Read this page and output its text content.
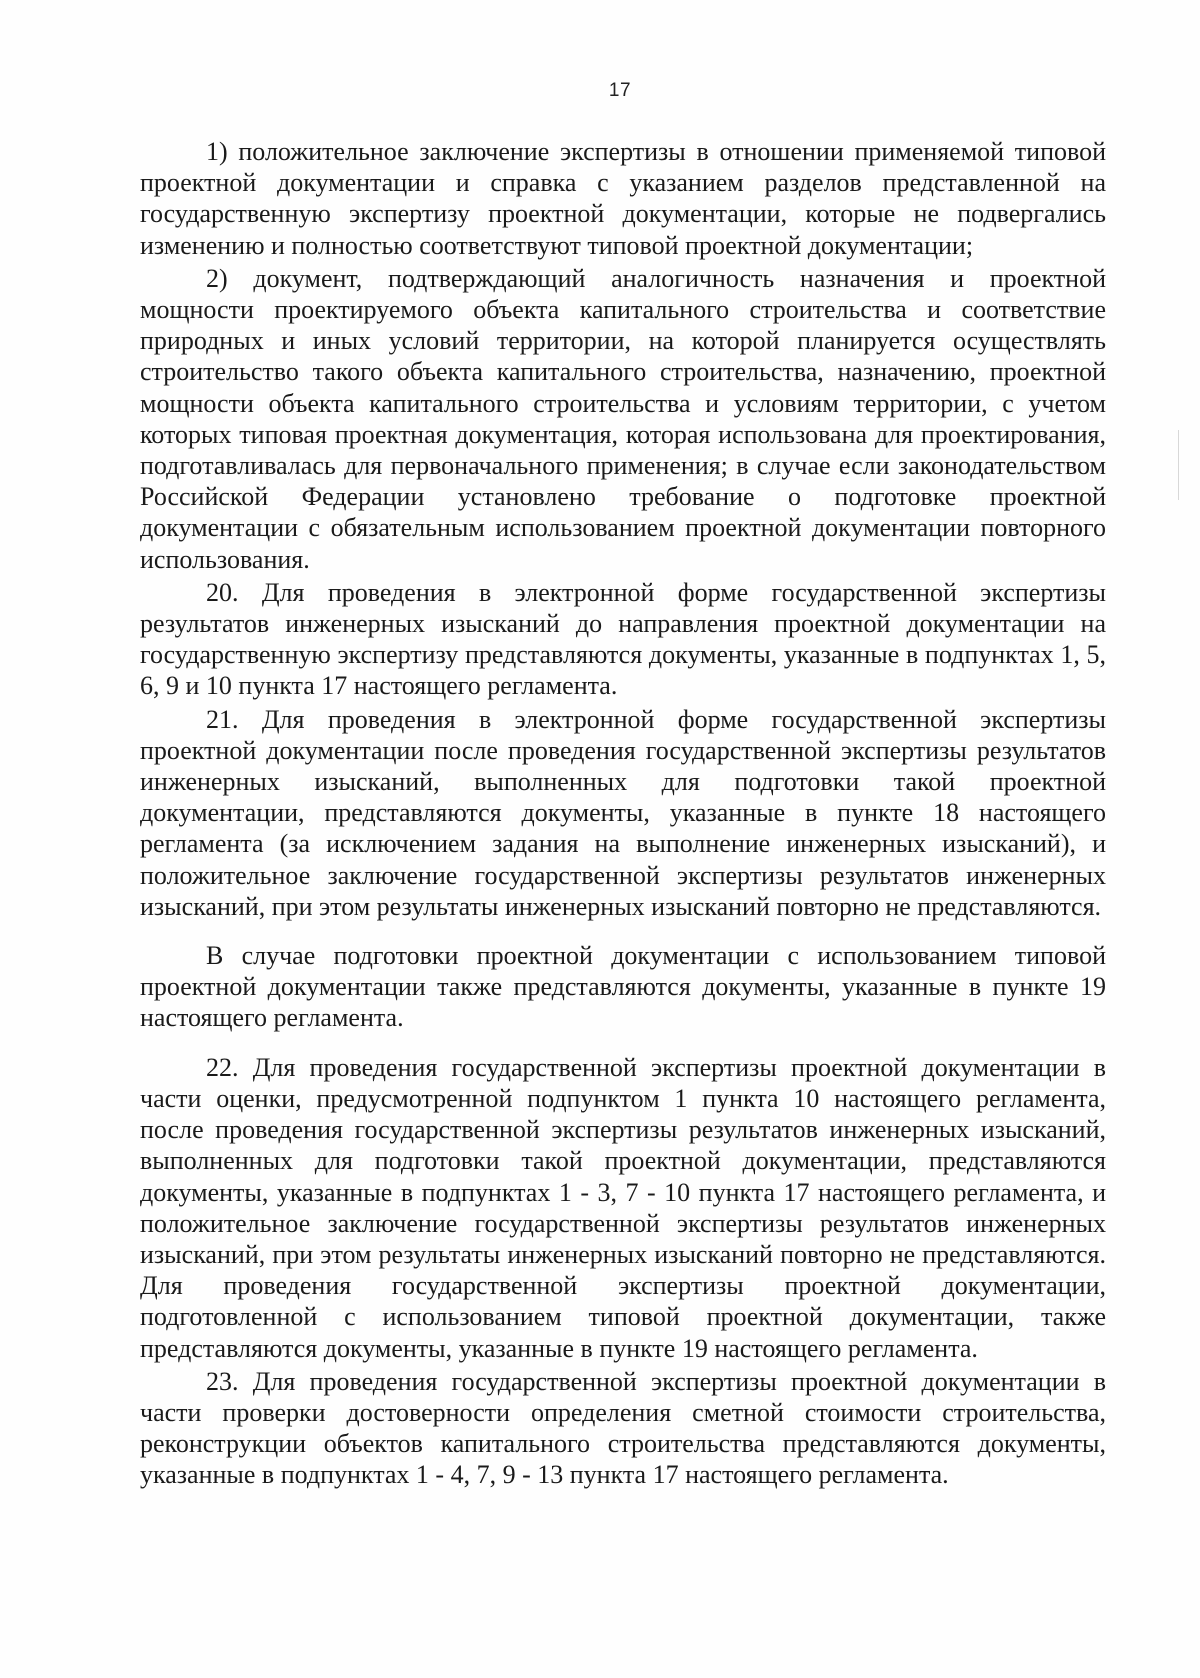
17

1) положительное заключение экспертизы в отношении применяемой типовой проектной документации и справка с указанием разделов представленной на государственную экспертизу проектной документации, которые не подвергались изменению и полностью соответствуют типовой проектной документации;

2) документ, подтверждающий аналогичность назначения и проектной мощности проектируемого объекта капитального строительства и соответствие природных и иных условий территории, на которой планируется осуществлять строительство такого объекта капитального строительства, назначению, проектной мощности объекта капитального строительства и условиям территории, с учетом которых типовая проектная документация, которая использована для проектирования, подготавливалась для первоначального применения; в случае если законодательством Российской Федерации установлено требование о подготовке проектной документации с обязательным использованием проектной документации повторного использования.

20. Для проведения в электронной форме государственной экспертизы результатов инженерных изысканий до направления проектной документации на государственную экспертизу представляются документы, указанные в подпунктах 1, 5, 6, 9 и 10 пункта 17 настоящего регламента.

21. Для проведения в электронной форме государственной экспертизы проектной документации после проведения государственной экспертизы результатов инженерных изысканий, выполненных для подготовки такой проектной документации, представляются документы, указанные в пункте 18 настоящего регламента (за исключением задания на выполнение инженерных изысканий), и положительное заключение государственной экспертизы результатов инженерных изысканий, при этом результаты инженерных изысканий повторно не представляются.

В случае подготовки проектной документации с использованием типовой проектной документации также представляются документы, указанные в пункте 19 настоящего регламента.

22. Для проведения государственной экспертизы проектной документации в части оценки, предусмотренной подпунктом 1 пункта 10 настоящего регламента, после проведения государственной экспертизы результатов инженерных изысканий, выполненных для подготовки такой проектной документации, представляются документы, указанные в подпунктах 1 - 3, 7 - 10 пункта 17 настоящего регламента, и положительное заключение государственной экспертизы результатов инженерных изысканий, при этом результаты инженерных изысканий повторно не представляются. Для проведения государственной экспертизы проектной документации, подготовленной с использованием типовой проектной документации, также представляются документы, указанные в пункте 19 настоящего регламента.

23. Для проведения государственной экспертизы проектной документации в части проверки достоверности определения сметной стоимости строительства, реконструкции объектов капитального строительства представляются документы, указанные в подпунктах 1 - 4, 7, 9 - 13 пункта 17 настоящего регламента.
